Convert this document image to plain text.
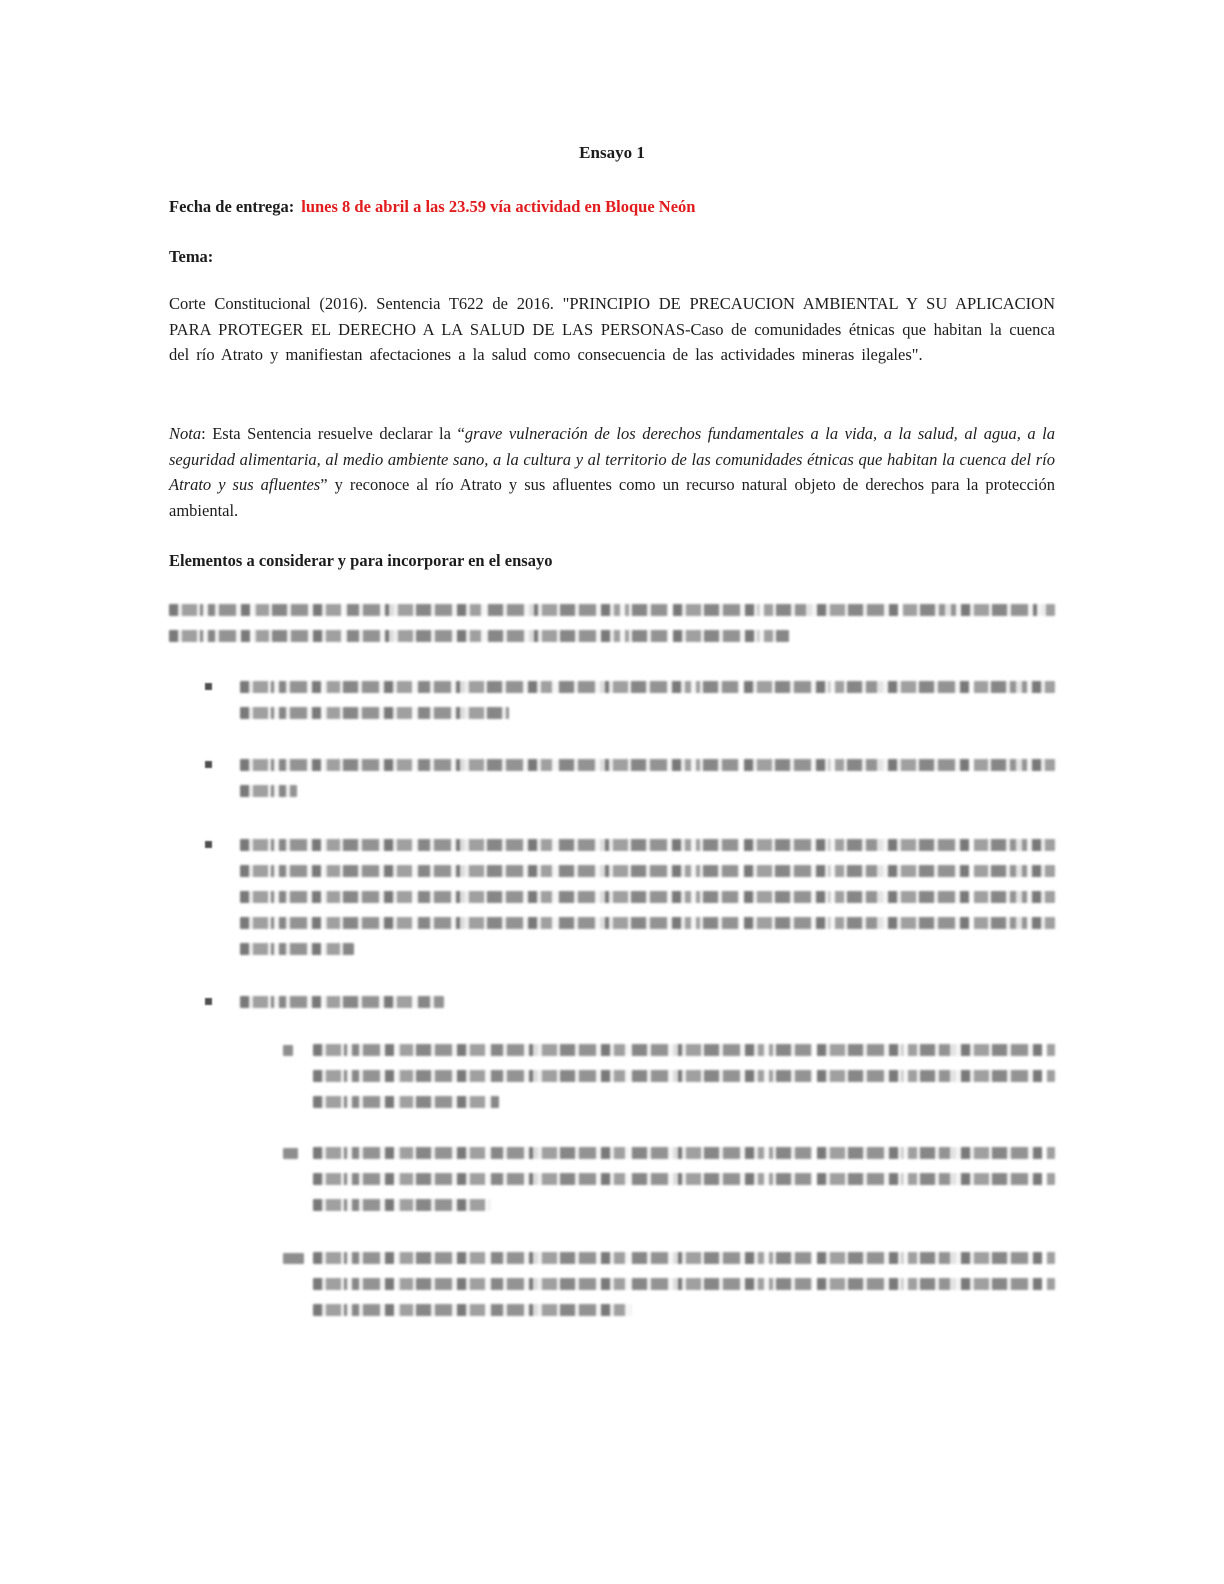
Ensayo 1
Fecha de entrega: lunes 8 de abril a las 23.59 vía actividad en Bloque Neón
Tema:

Corte Constitucional (2016). Sentencia T622 de 2016. "PRINCIPIO DE PRECAUCION AMBIENTAL Y SU APLICACION PARA PROTEGER EL DERECHO A LA SALUD DE LAS PERSONAS-Caso de comunidades étnicas que habitan la cuenca del río Atrato y manifiestan afectaciones a la salud como consecuencia de las actividades mineras ilegales".

Nota: Esta Sentencia resuelve declarar la “grave vulneración de los derechos fundamentales a la vida, a la salud, al agua, a la seguridad alimentaria, al medio ambiente sano, a la cultura y al territorio de las comunidades étnicas que habitan la cuenca del río Atrato y sus afluentes” y reconoce al río Atrato y sus afluentes como un recurso natural objeto de derechos para la protección ambiental.

Elementos a considerar y para incorporar en el ensayo
